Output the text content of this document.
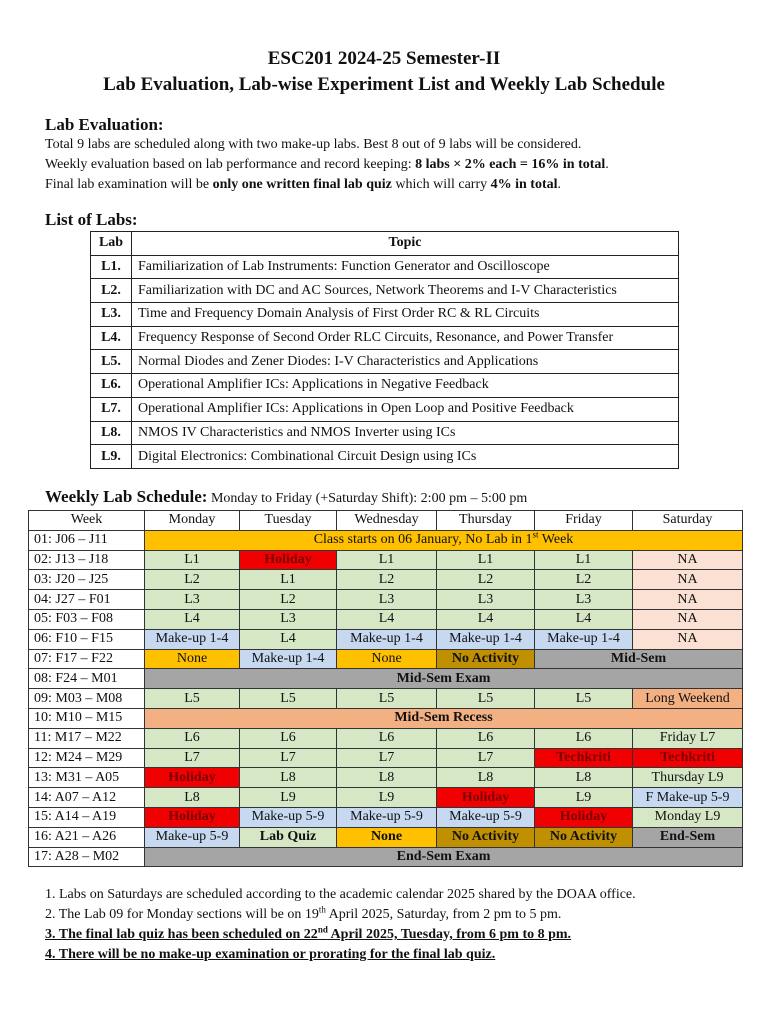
ESC201 2024-25 Semester-II
Lab Evaluation, Lab-wise Experiment List and Weekly Lab Schedule
Lab Evaluation:

Total 9 labs are scheduled along with two make-up labs. Best 8 out of 9 labs will be considered.
Weekly evaluation based on lab performance and record keeping: 8 labs × 2% each = 16% in total.
Final lab examination will be only one written final lab quiz which will carry 4% in total.

List of Labs:
Lab	Topic
L1.	Familiarization of Lab Instruments: Function Generator and Oscilloscope
L2.	Familiarization with DC and AC Sources, Network Theorems and I-V Characteristics
L3.	Time and Frequency Domain Analysis of First Order RC & RL Circuits
L4.	Frequency Response of Second Order RLC Circuits, Resonance, and Power Transfer
L5.	Normal Diodes and Zener Diodes: I-V Characteristics and Applications
L6.	Operational Amplifier ICs: Applications in Negative Feedback
L7.	Operational Amplifier ICs: Applications in Open Loop and Positive Feedback
L8.	NMOS IV Characteristics and NMOS Inverter using ICs
L9.	Digital Electronics: Combinational Circuit Design using ICs
Weekly Lab Schedule: Monday to Friday (+Saturday Shift): 2:00 pm – 5:00 pm
Week	Monday	Tuesday	Wednesday	Thursday	Friday	Saturday
01: J06 – J11	Class starts on 06 January, No Lab in 1st Week					
02: J13 – J18	L1	Holiday	L1	L1	L1	NA
03: J20 – J25	L2	L1	L2	L2	L2	NA
04: J27 – F01	L3	L2	L3	L3	L3	NA
05: F03 – F08	L4	L3	L4	L4	L4	NA
06: F10 – F15	Make-up 1-4	L4	Make-up 1-4	Make-up 1-4	Make-up 1-4	NA
07: F17 – F22	None	Make-up 1-4	None	No Activity	Mid-Sem	
08: F24 – M01	Mid-Sem Exam					
09: M03 – M08	L5	L5	L5	L5	L5	Long Weekend
10: M10 – M15	Mid-Sem Recess					
11: M17 – M22	L6	L6	L6	L6	L6	Friday L7
12: M24 – M29	L7	L7	L7	L7	Techkriti	Techkriti
13: M31 – A05	Holiday	L8	L8	L8	L8	Thursday L9
14: A07 – A12	L8	L9	L9	Holiday	L9	F Make-up 5-9
15: A14 – A19	Holiday	Make-up 5-9	Make-up 5-9	Make-up 5-9	Holiday	Monday L9
16: A21 – A26	Make-up 5-9	Lab Quiz	None	No Activity	No Activity	End-Sem
17: A28 – M02	End-Sem Exam					
1. Labs on Saturdays are scheduled according to the academic calendar 2025 shared by the DOAA office.
2. The Lab 09 for Monday sections will be on 19th April 2025, Saturday, from 2 pm to 5 pm.
3. The final lab quiz has been scheduled on 22nd April 2025, Tuesday, from 6 pm to 8 pm.
4. There will be no make-up examination or prorating for the final lab quiz.
